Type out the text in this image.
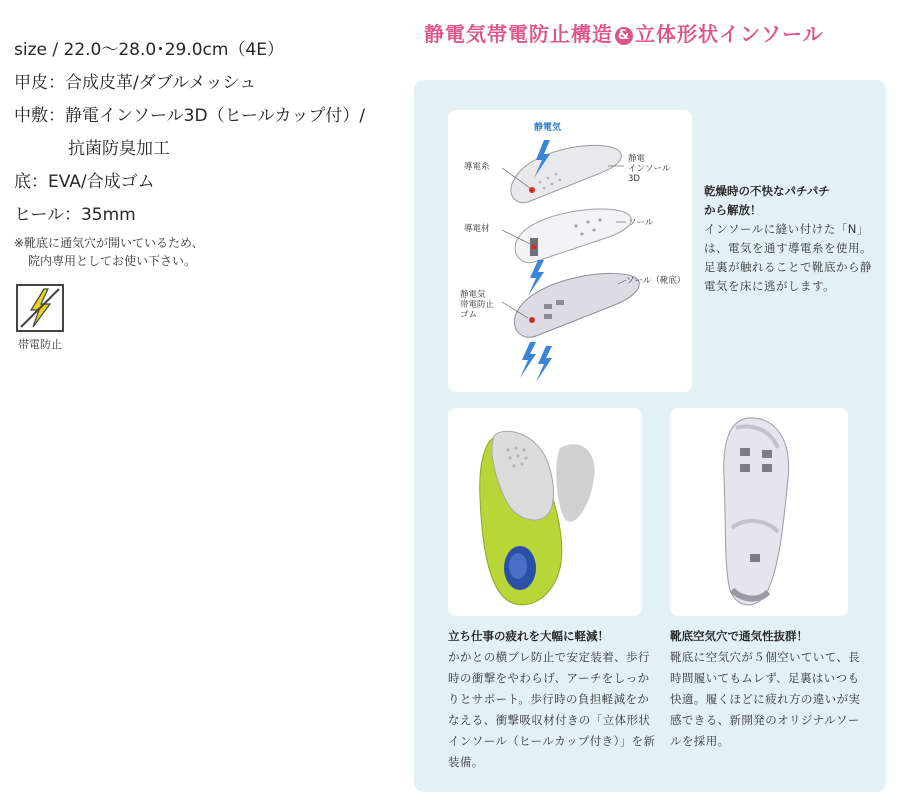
size / 22.0～28.0･29.0cm（4E）
甲皮：合成皮革/ダブルメッシュ
中敷：静電インソール3D（ヒールカップ付）/
抗菌防臭加工
底：EVA/合成ゴム
ヒール：35mm
※靴底に通気穴が開いているため、
院内専用としてお使い下さい。
帯電防止
静電気帯電防止構造 & 立体形状インソール
静電気
導電糸
静電
インソール
3D
導電材
ソール
静電気
帯電防止
ゴム
ソール（靴底）
乾燥時の不快なパチパチ
から解放！
インソールに縫い付けた「N」は、電気を通す導電糸を使用。足裏が触れることで靴底から静電気を床に逃がします。
立ち仕事の疲れを大幅に軽減！
かかとの横ブレ防止で安定装着、歩行時の衝撃をやわらげ、アーチをしっかりとサポート。歩行時の負担軽減をかなえる、衝撃吸収材付きの「立体形状インソール（ヒールカップ付き）」を新装備。
靴底空気穴で通気性抜群！
靴底に空気穴が５個空いていて、長時間履いてもムレず、足裏はいつも快適。履くほどに疲れ方の違いが実感できる、新開発のオリジナルソールを採用。
